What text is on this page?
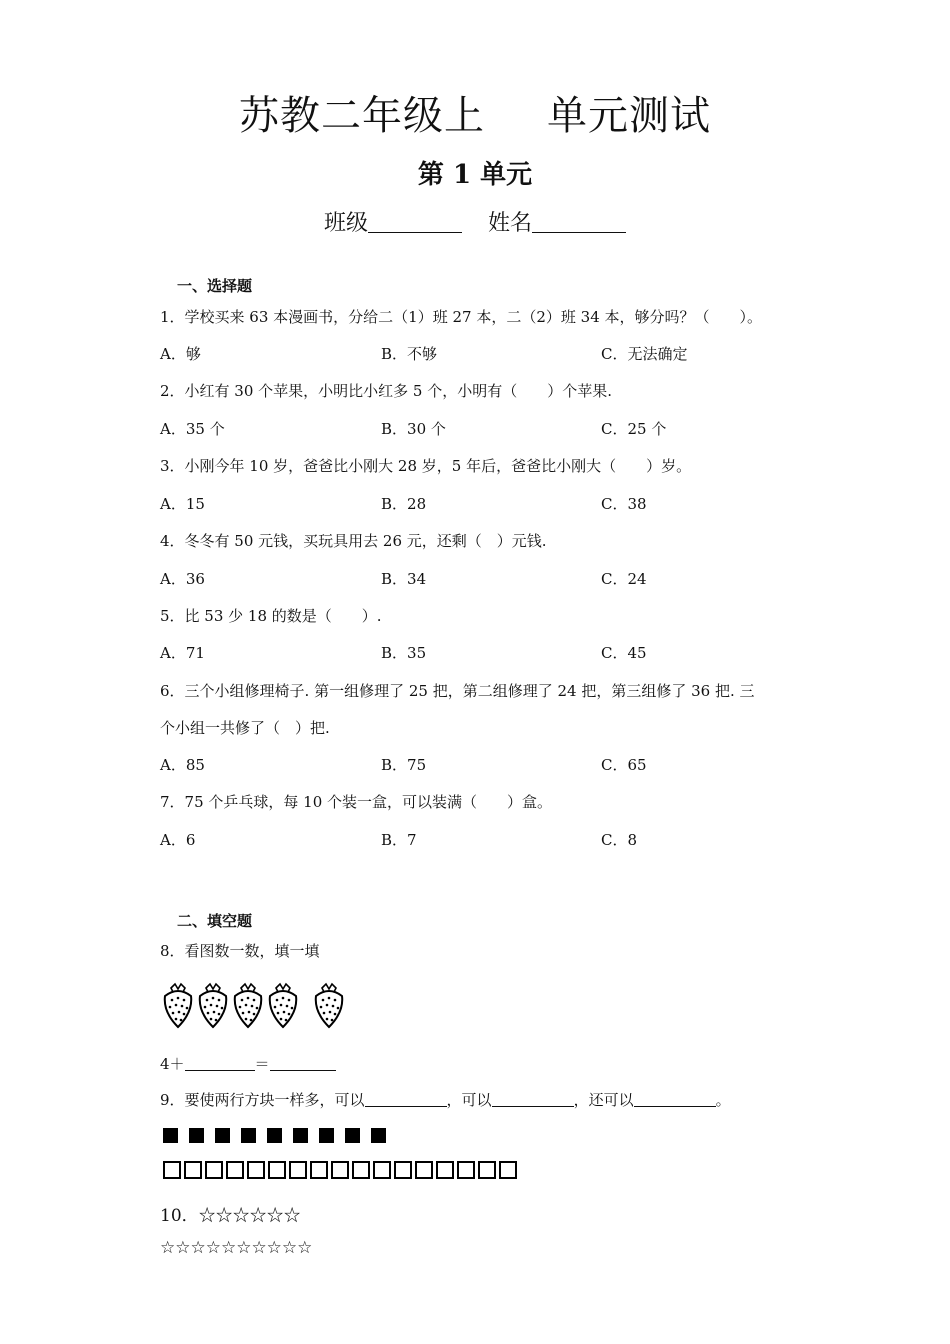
苏教二年级上 单元测试
第 1 单元
班级	姓名
一、选择题
1．学校买来 63 本漫画书，分给二（1）班 27 本，二（2）班 34 本，够分吗？（　　）。
A．够	B．不够	C．无法确定
2．小红有 30 个苹果，小明比小红多 5 个，小明有（　　）个苹果.
A．35 个	B．30 个	C．25 个
3．小刚今年 10 岁，爸爸比小刚大 28 岁，5 年后，爸爸比小刚大（　　）岁。
A．15	B．28	C．38
4．冬冬有 50 元钱，买玩具用去 26 元，还剩（　）元钱.
A．36	B．34	C．24
5．比 53 少 18 的数是（　　）.
A．71	B．35	C．45
6．三个小组修理椅子. 第一组修理了 25 把，第二组修理了 24 把，第三组修了 36 把. 三
个小组一共修了（　）把.
A．85	B．75	C．65
7．75 个乒乓球，每 10 个装一盒，可以装满（　　）盒。
A．6	B．7	C．8
二、填空题
8．看图数一数，填一填
4＋	＝
9．要使两行方块一样多，可以	，可以	，还可以	。
10．☆☆☆☆☆☆
☆☆☆☆☆☆☆☆☆☆
